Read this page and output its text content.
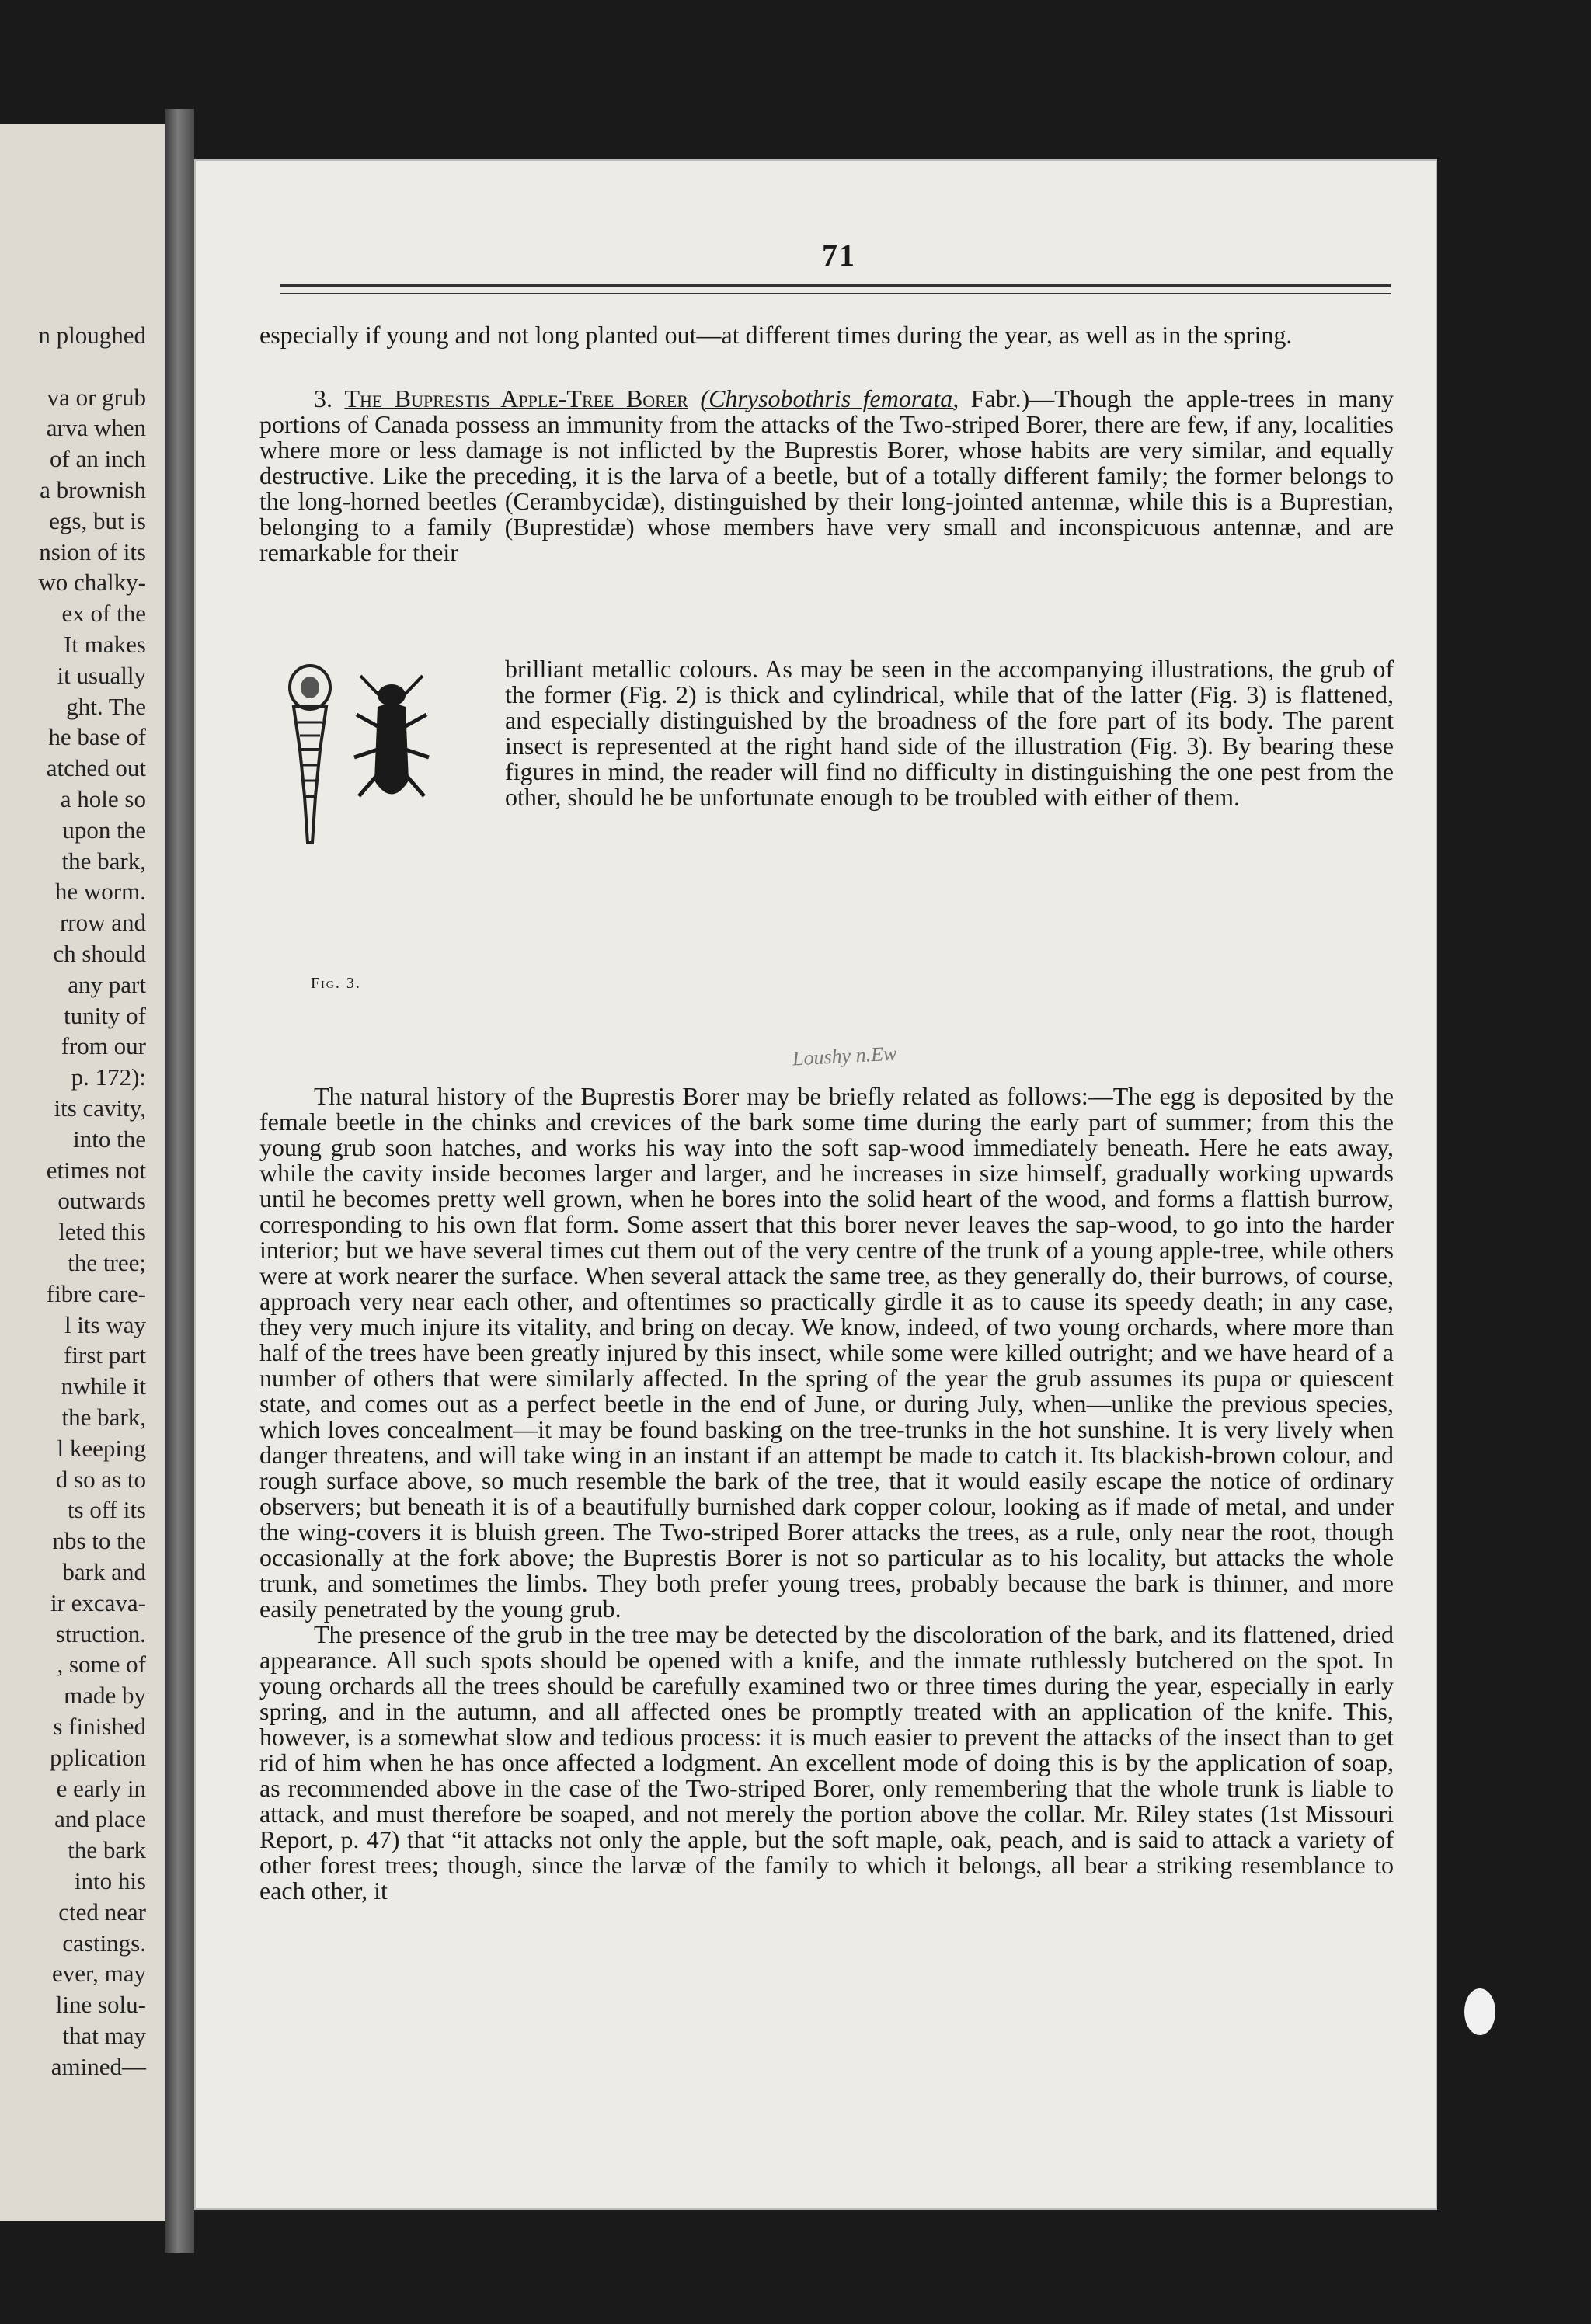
n ploughed
va or grub
arva when
of an inch
a brownish
egs, but is
nsion of its
wo chalky-
ex of the
It makes
it usually
ght. The
he base of
atched out
a hole so
upon the
the bark,
he worm.
rrow and
ch should
any part
tunity of
from our
p. 172):
its cavity,
into the
etimes not
outwards
leted this
the tree;
fibre care-
l its way
first part
nwhile it
the bark,
l keeping
d so as to
ts off its
nbs to the
bark and
ir excava-
struction.
, some of
made by
s finished
pplication
e early in
and place
the bark
into his
cted near
castings.
ever, may
line solu-
that may
amined—
71

especially if young and not long planted out—at different times during the year, as well as in the spring.

3. The Buprestis Apple-Tree Borer (Chrysobothris femorata, Fabr.)—Though the apple-trees in many portions of Canada possess an immunity from the attacks of the Two-striped Borer, there are few, if any, localities where more or less damage is not inflicted by the Buprestis Borer, whose habits are very similar, and equally destructive. Like the preceding, it is the larva of a beetle, but of a totally different family; the former belongs to the long-horned beetles (Cerambycidæ), distinguished by their long-jointed antennæ, while this is a Buprestian, belonging to a family (Buprestidæ) whose members have very small and inconspicuous antennæ, and are remarkable for their

Fig. 3.

brilliant metallic colours. As may be seen in the accompanying illustrations, the grub of the former (Fig. 2) is thick and cylindrical, while that of the latter (Fig. 3) is flattened, and especially distinguished by the broadness of the fore part of its body. The parent insect is represented at the right hand side of the illustration (Fig. 3). By bearing these figures in mind, the reader will find no difficulty in distinguishing the one pest from the other, should he be unfortunate enough to be troubled with either of them.

Loushy n.Ew

The natural history of the Buprestis Borer may be briefly related as follows:—The egg is deposited by the female beetle in the chinks and crevices of the bark some time during the early part of summer; from this the young grub soon hatches, and works his way into the soft sap-wood immediately beneath. Here he eats away, while the cavity inside becomes larger and larger, and he increases in size himself, gradually working upwards until he becomes pretty well grown, when he bores into the solid heart of the wood, and forms a flattish burrow, corresponding to his own flat form. Some assert that this borer never leaves the sap-wood, to go into the harder interior; but we have several times cut them out of the very centre of the trunk of a young apple-tree, while others were at work nearer the surface. When several attack the same tree, as they generally do, their burrows, of course, approach very near each other, and oftentimes so practically girdle it as to cause its speedy death; in any case, they very much injure its vitality, and bring on decay. We know, indeed, of two young orchards, where more than half of the trees have been greatly injured by this insect, while some were killed outright; and we have heard of a number of others that were similarly affected. In the spring of the year the grub assumes its pupa or quiescent state, and comes out as a perfect beetle in the end of June, or during July, when—unlike the previous species, which loves concealment—it may be found basking on the tree-trunks in the hot sunshine. It is very lively when danger threatens, and will take wing in an instant if an attempt be made to catch it. Its blackish-brown colour, and rough surface above, so much resemble the bark of the tree, that it would easily escape the notice of ordinary observers; but beneath it is of a beautifully burnished dark copper colour, looking as if made of metal, and under the wing-covers it is bluish green. The Two-striped Borer attacks the trees, as a rule, only near the root, though occasionally at the fork above; the Buprestis Borer is not so particular as to his locality, but attacks the whole trunk, and sometimes the limbs. They both prefer young trees, probably because the bark is thinner, and more easily penetrated by the young grub.

The presence of the grub in the tree may be detected by the discoloration of the bark, and its flattened, dried appearance. All such spots should be opened with a knife, and the inmate ruthlessly butchered on the spot. In young orchards all the trees should be carefully examined two or three times during the year, especially in early spring, and in the autumn, and all affected ones be promptly treated with an application of the knife. This, however, is a somewhat slow and tedious process: it is much easier to prevent the attacks of the insect than to get rid of him when he has once affected a lodgment. An excellent mode of doing this is by the application of soap, as recommended above in the case of the Two-striped Borer, only remembering that the whole trunk is liable to attack, and must therefore be soaped, and not merely the portion above the collar. Mr. Riley states (1st Missouri Report, p. 47) that “it attacks not only the apple, but the soft maple, oak, peach, and is said to attack a variety of other forest trees; though, since the larvæ of the family to which it belongs, all bear a striking resemblance to each other, it
